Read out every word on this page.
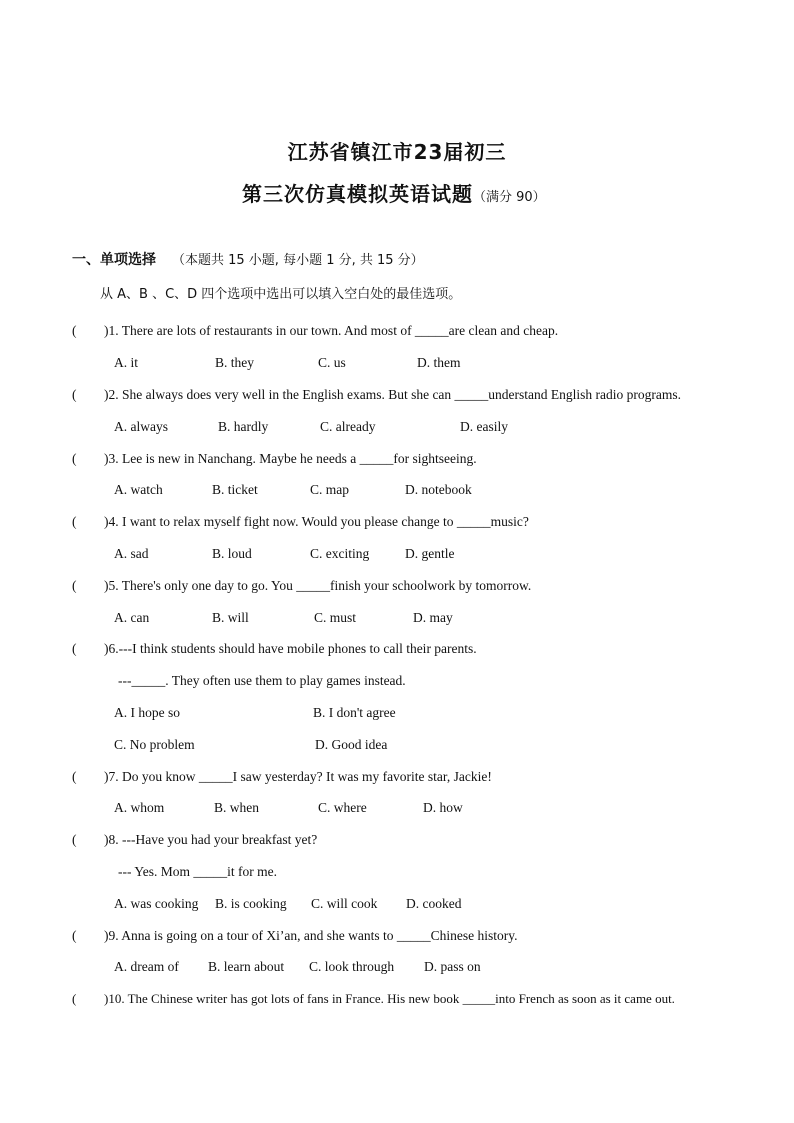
江苏省镇江市23届初三
第三次仿真模拟英语试题（满分 90）
一、单项选择 （本题共 15 小题, 每小题 1 分, 共 15 分）
从 A、B 、C、D 四个选项中选出可以填入空白处的最佳选项。
( )1. There are lots of restaurants in our town. And most of _____are clean and cheap.
A. it	B. they	C. us	D. them
( )2. She always does very well in the English exams. But she can _____understand English radio programs.
A. always	B. hardly	C. already	D. easily
( )3. Lee is new in Nanchang. Maybe he needs a _____for sightseeing.
A. watch	B. ticket	C. map	D. notebook
( )4. I want to relax myself fight now. Would you please change to _____music?
A. sad	B. loud	C. exciting	D. gentle
( )5. There's only one day to go. You _____finish your schoolwork by tomorrow.
A. can	B. will	C. must	D. may
( )6.---I think students should have mobile phones to call their parents.
---_____. They often use them to play games instead.
A. I hope so	B. I don't agree
C. No problem	D. Good idea
( )7. Do you know _____I saw yesterday? It was my favorite star, Jackie!
A. whom	B. when	C. where	D. how
( )8. ---Have you had your breakfast yet?
--- Yes. Mom _____it for me.
A. was cooking B. is cooking C. will cook D. cooked
( )9. Anna is going on a tour of Xi’an, and she wants to _____Chinese history.
A. dream of B. learn about C. look through D. pass on
( )10. The Chinese writer has got lots of fans in France. His new book _____into French as soon as it came out.
